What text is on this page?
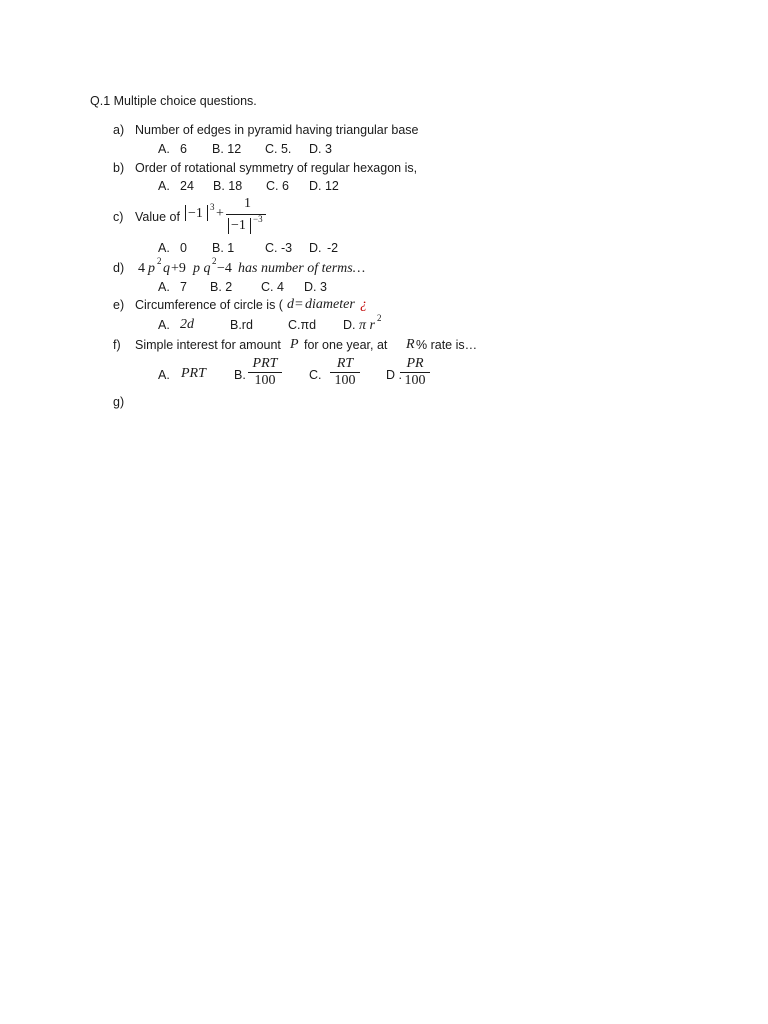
Q.1 Multiple choice questions.
a) Number of edges in pyramid having triangular base
A. 6 B. 12 C. 5. D. 3
b) Order of rotational symmetry of regular hexagon is,
A. 24 B. 18 C. 6 D. 12
c) Value of −1 3 +
1
−1 −3
A. 0 B. 1 C. -3 D. -2
d) 4 p 2 q +9 p q 2 −4 has number of terms…
A. 7 B. 2 C. 4 D. 3
e) Circumference of circle is ( d = diameter ¿
A. 2d	B.rd	C.πd D. π r 2
f) Simple interest for amount P for one year, at R % rate is…
A. PRT B.
PRT
100	C.
RT
100	D .
PR
100
g)
